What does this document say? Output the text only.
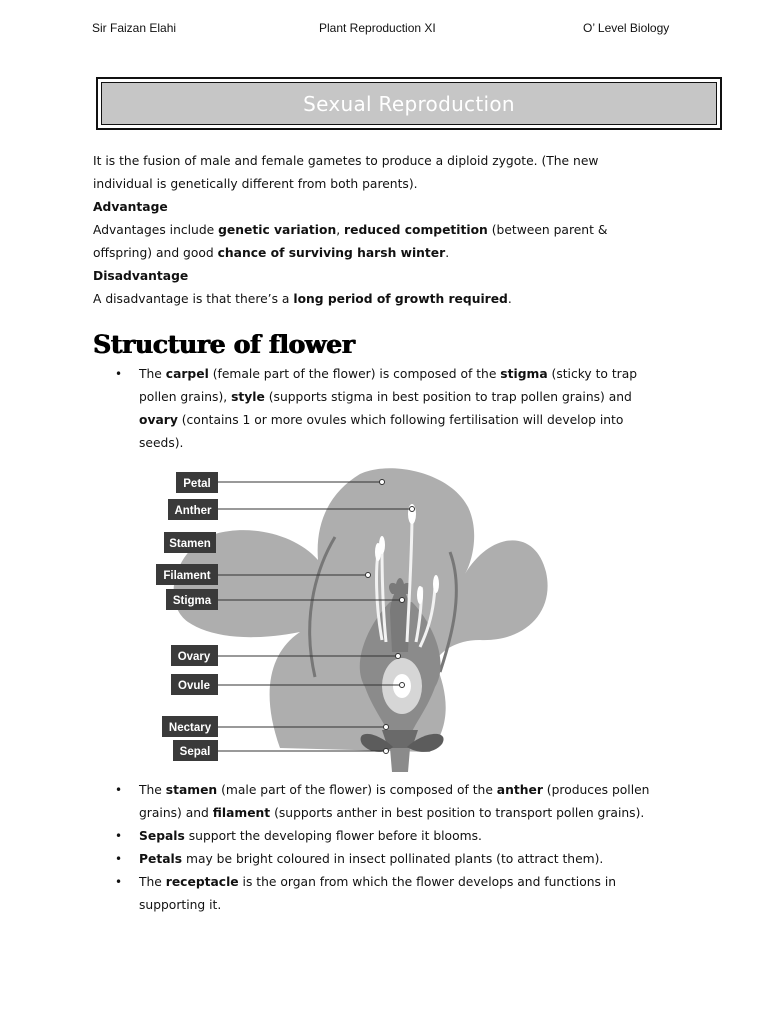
Sir Faizan Elahi	Plant Reproduction XI	O’ Level Biology
Sexual Reproduction

It is the fusion of male and female gametes to produce a diploid zygote. (The new

individual is genetically different from both parents).

Advantage

Advantages include genetic variation, reduced competition (between parent &

offspring) and good chance of surviving harsh winter.

Disadvantage

A disadvantage is that there’s a long period of growth required.

Structure of flower
• The carpel (female part of the flower) is composed of the stigma (sticky to trap
pollen grains), style (supports stigma in best position to trap pollen grains) and
ovary (contains 1 or more ovules which following fertilisation will develop into
seeds).
Petal
Anther
Stamen
Filament
Stigma
Ovary
Ovule
Nectary
Sepal
• The stamen (male part of the flower) is composed of the anther (produces pollen
grains) and filament (supports anther in best position to transport pollen grains).
• Sepals support the developing flower before it blooms.
• Petals may be bright coloured in insect pollinated plants (to attract them).
• The receptacle is the organ from which the flower develops and functions in
supporting it.
